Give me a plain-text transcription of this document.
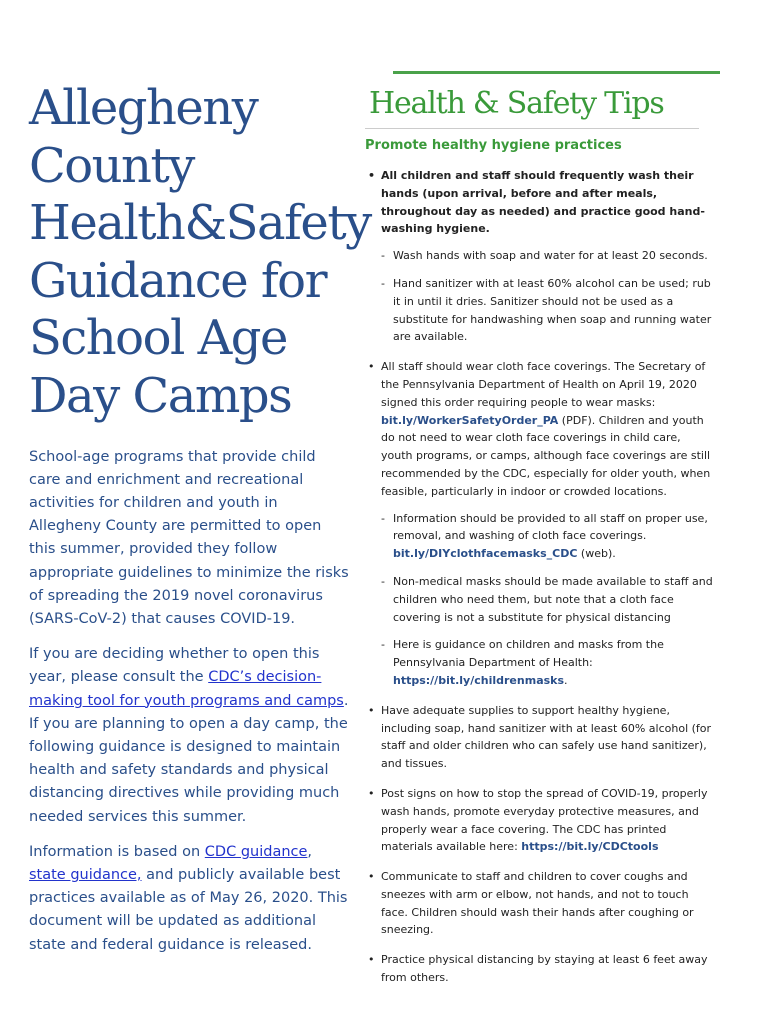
Allegheny
County
Health&Safety
Guidance for
School Age
Day Camps

School-age programs that provide child care and enrichment and recreational activities for children and youth in Allegheny County are permitted to open this summer, provided they follow appropriate guidelines to minimize the risks of spreading the 2019 novel coronavirus (SARS-CoV-2) that causes COVID-19.

If you are deciding whether to open this year, please consult the CDC’s decision-making tool for youth programs and camps. If you are planning to open a day camp, the following guidance is designed to maintain health and safety standards and physical distancing directives while providing much needed services this summer.

Information is based on CDC guidance, state guidance, and publicly available best practices available as of May 26, 2020. This document will be updated as additional state and federal guidance is released.

Health & Safety Tips
Promote healthy hygiene practices
• All children and staff should frequently wash their hands (upon arrival, before and after meals, throughout day as needed) and practice good hand-washing hygiene.
- Wash hands with soap and water for at least 20 seconds.
- Hand sanitizer with at least 60% alcohol can be used; rub it in until it dries. Sanitizer should not be used as a substitute for handwashing when soap and running water are available.
• All staff should wear cloth face coverings. The Secretary of the Pennsylvania Department of Health on April 19, 2020 signed this order requiring people to wear masks: bit.ly/WorkerSafetyOrder_PA (PDF). Children and youth do not need to wear cloth face coverings in child care, youth programs, or camps, although face coverings are still recommended by the CDC, especially for older youth, when feasible, particularly in indoor or crowded locations.
- Information should be provided to all staff on proper use, removal, and washing of cloth face coverings. bit.ly/DIYclothfacemasks_CDC (web).
- Non-medical masks should be made available to staff and children who need them, but note that a cloth face covering is not a substitute for physical distancing
- Here is guidance on children and masks from the Pennsylvania Department of Health: https://bit.ly/childrenmasks.
• Have adequate supplies to support healthy hygiene, including soap, hand sanitizer with at least 60% alcohol (for staff and older children who can safely use hand sanitizer), and tissues.
• Post signs on how to stop the spread of COVID-19, properly wash hands, promote everyday protective measures, and properly wear a face covering. The CDC has printed materials available here: https://bit.ly/CDCtools
• Communicate to staff and children to cover coughs and sneezes with arm or elbow, not hands, and not to touch face. Children should wash their hands after coughing or sneezing.
• Practice physical distancing by staying at least 6 feet away from others.
